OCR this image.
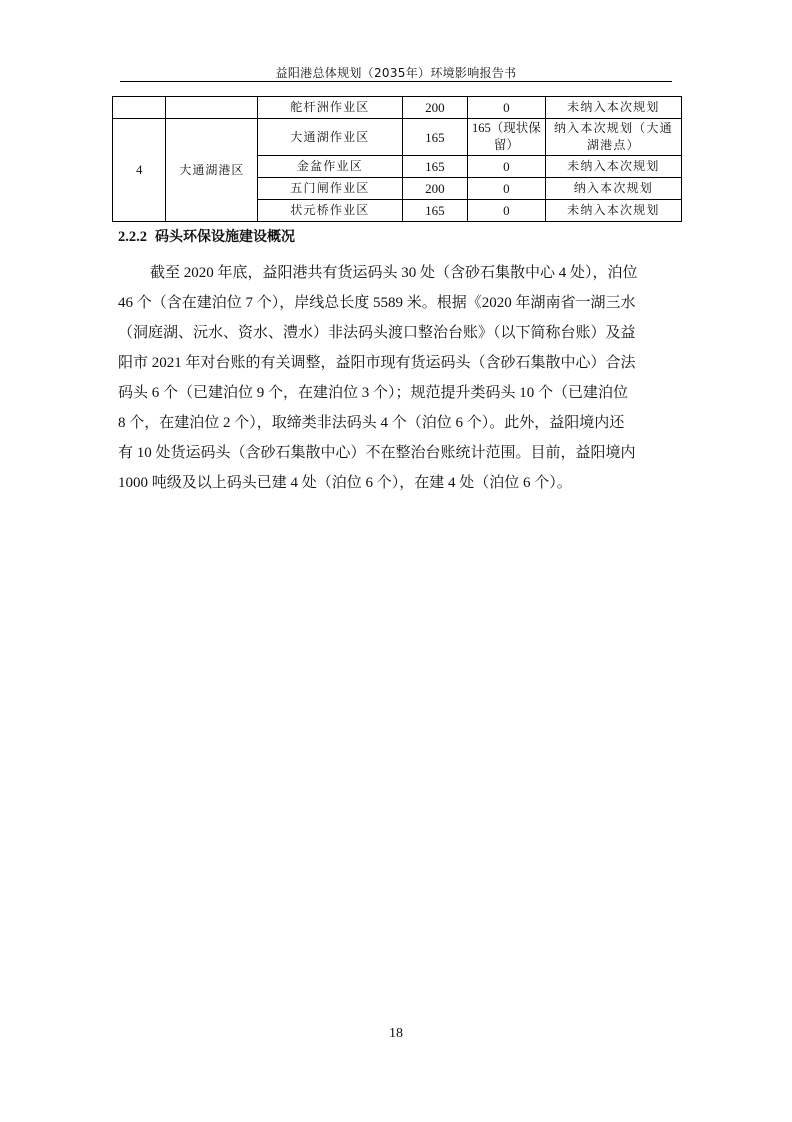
益阳港总体规划（2035年）环境影响报告书
		舵杆洲作业区	200	0	未纳入本次规划
4	大通湖港区	大通湖作业区	165	165（现状保留）	纳入本次规划（大通湖港点）
		金盆作业区	165	0	未纳入本次规划
		五门闸作业区	200	0	纳入本次规划
		状元桥作业区	165	0	未纳入本次规划
2.2.2 码头环保设施建设概况

截至 2020 年底，益阳港共有货运码头 30 处（含砂石集散中心 4 处），泊位
46 个（含在建泊位 7 个），岸线总长度 5589 米。根据《2020 年湖南省一湖三水
（洞庭湖、沅水、资水、澧水）非法码头渡口整治台账》（以下简称台账）及益
阳市 2021 年对台账的有关调整，益阳市现有货运码头（含砂石集散中心）合法
码头 6 个（已建泊位 9 个，在建泊位 3 个）；规范提升类码头 10 个（已建泊位
8 个，在建泊位 2 个），取缔类非法码头 4 个（泊位 6 个）。此外，益阳境内还
有 10 处货运码头（含砂石集散中心）不在整治台账统计范围。目前，益阳境内
1000 吨级及以上码头已建 4 处（泊位 6 个），在建 4 处（泊位 6 个）。

18
